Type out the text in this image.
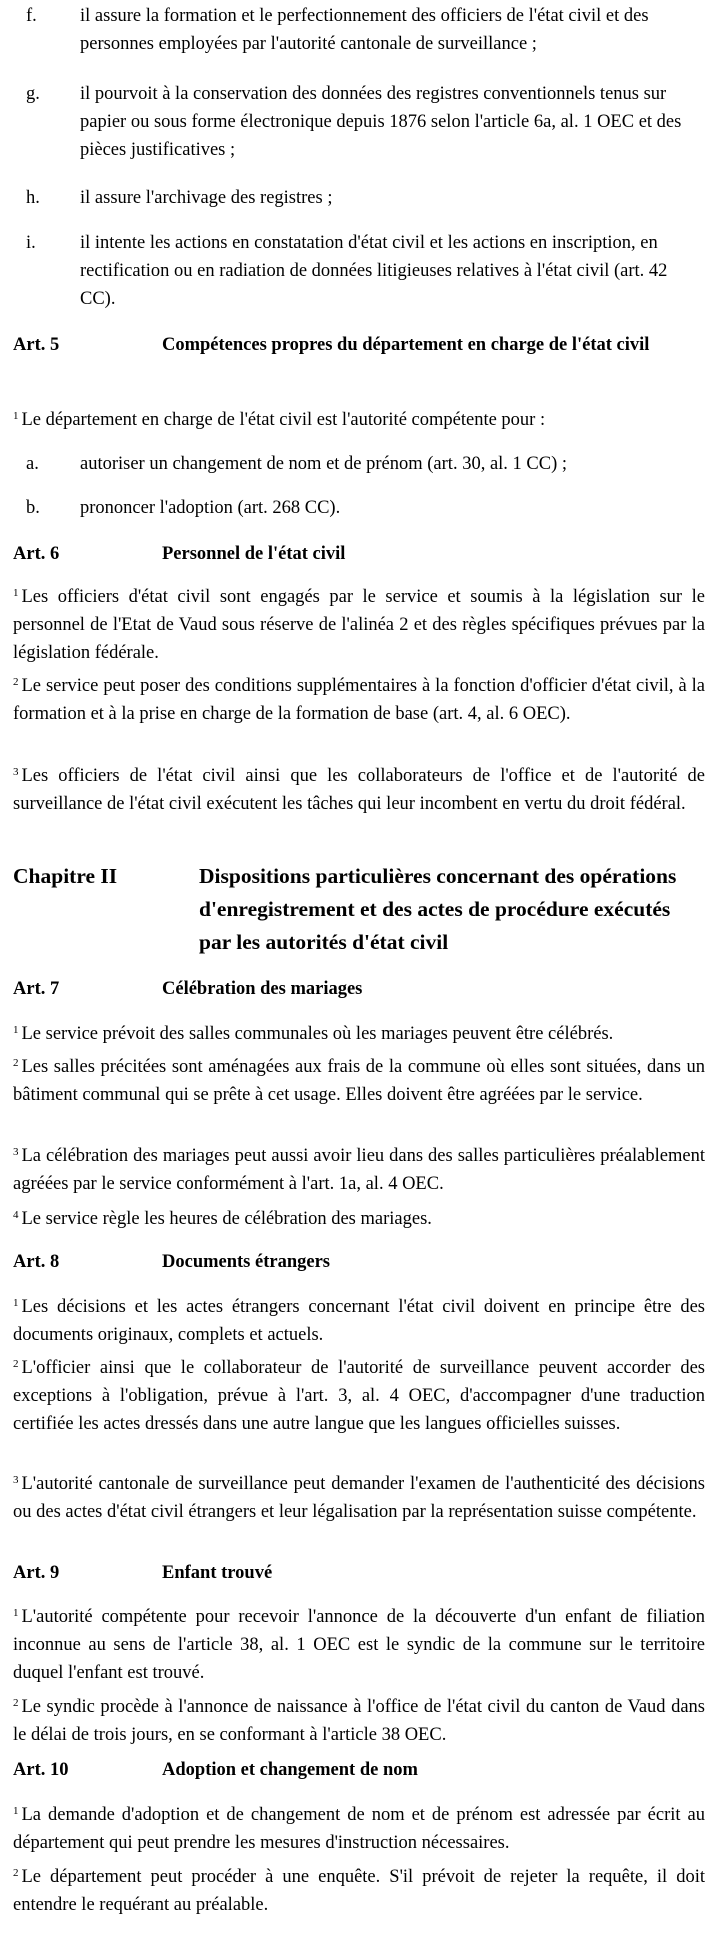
f. il assure la formation et le perfectionnement des officiers de l'état civil et des personnes employées par l'autorité cantonale de surveillance ;
g. il pourvoit à la conservation des données des registres conventionnels tenus sur papier ou sous forme électronique depuis 1876 selon l'article 6a, al. 1 OEC et des pièces justificatives ;
h. il assure l'archivage des registres ;
i. il intente les actions en constatation d'état civil et les actions en inscription, en rectification ou en radiation de données litigieuses relatives à l'état civil (art. 42 CC).
Art. 5	Compétences propres du département en charge de l'état civil
$^1$ Le département en charge de l'état civil est l'autorité compétente pour :
a. autoriser un changement de nom et de prénom (art. 30, al. 1 CC) ;
b. prononcer l'adoption (art. 268 CC).
Art. 6	Personnel de l'état civil
$^1$ Les officiers d'état civil sont engagés par le service et soumis à la législation sur le personnel de l'Etat de Vaud sous réserve de l'alinéa 2 et des règles spécifiques prévues par la législation fédérale.
$^2$ Le service peut poser des conditions supplémentaires à la fonction d'officier d'état civil, à la formation et à la prise en charge de la formation de base (art. 4, al. 6 OEC).
$^3$ Les officiers de l'état civil ainsi que les collaborateurs de l'office et de l'autorité de surveillance de l'état civil exécutent les tâches qui leur incombent en vertu du droit fédéral.
Chapitre II	Dispositions particulières concernant des opérations d'enregistrement et des actes de procédure exécutés par les autorités d'état civil
Art. 7	Célébration des mariages
$^1$ Le service prévoit des salles communales où les mariages peuvent être célébrés.
$^2$ Les salles précitées sont aménagées aux frais de la commune où elles sont situées, dans un bâtiment communal qui se prête à cet usage. Elles doivent être agréées par le service.
$^3$ La célébration des mariages peut aussi avoir lieu dans des salles particulières préalablement agréées par le service conformément à l'art. 1a, al. 4 OEC.
$^4$ Le service règle les heures de célébration des mariages.
Art. 8	Documents étrangers
$^1$ Les décisions et les actes étrangers concernant l'état civil doivent en principe être des documents originaux, complets et actuels.
$^2$ L'officier ainsi que le collaborateur de l'autorité de surveillance peuvent accorder des exceptions à l'obligation, prévue à l'art. 3, al. 4 OEC, d'accompagner d'une traduction certifiée les actes dressés dans une autre langue que les langues officielles suisses.
$^3$ L'autorité cantonale de surveillance peut demander l'examen de l'authenticité des décisions ou des actes d'état civil étrangers et leur légalisation par la représentation suisse compétente.
Art. 9	Enfant trouvé
$^1$ L'autorité compétente pour recevoir l'annonce de la découverte d'un enfant de filiation inconnue au sens de l'article 38, al. 1 OEC est le syndic de la commune sur le territoire duquel l'enfant est trouvé.
$^2$ Le syndic procède à l'annonce de naissance à l'office de l'état civil du canton de Vaud dans le délai de trois jours, en se conformant à l'article 38 OEC.
Art. 10	Adoption et changement de nom
$^1$ La demande d'adoption et de changement de nom et de prénom est adressée par écrit au département qui peut prendre les mesures d'instruction nécessaires.
$^2$ Le département peut procéder à une enquête. S'il prévoit de rejeter la requête, il doit entendre le requérant au préalable.
